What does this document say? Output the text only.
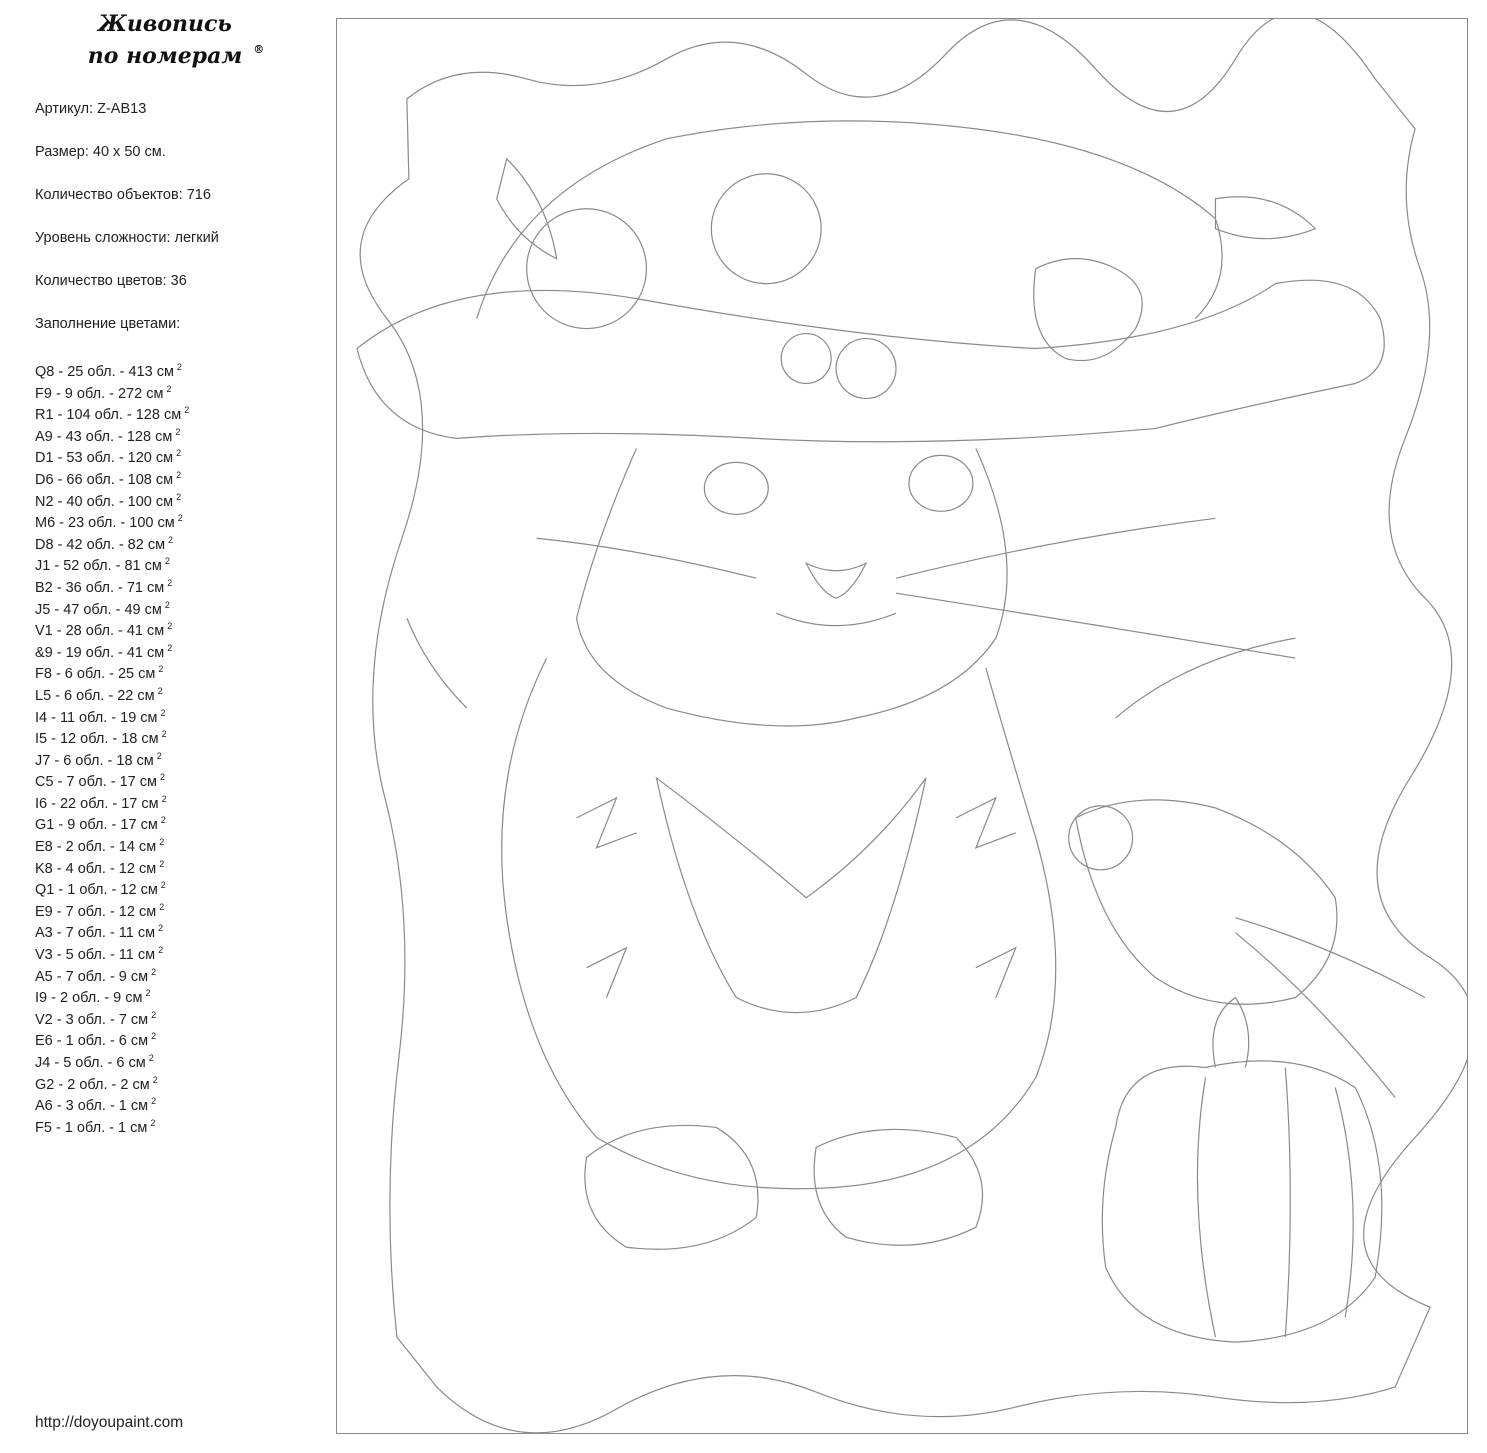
Живопись
по номерам ®
Артикул: Z-AB13
Размер: 40 х 50 см.
Количество объектов: 716
Уровень сложности: легкий
Количество цветов: 36
Заполнение цветами:
Q8 - 25 обл. - 413 см $^2$
F9 - 9 обл. - 272 см $^2$
R1 - 104 обл. - 128 см $^2$
A9 - 43 обл. - 128 см $^2$
D1 - 53 обл. - 120 см $^2$
D6 - 66 обл. - 108 см $^2$
N2 - 40 обл. - 100 см $^2$
M6 - 23 обл. - 100 см $^2$
D8 - 42 обл. - 82 см $^2$
J1 - 52 обл. - 81 см $^2$
B2 - 36 обл. - 71 см $^2$
J5 - 47 обл. - 49 см $^2$
V1 - 28 обл. - 41 см $^2$
&9 - 19 обл. - 41 см $^2$
F8 - 6 обл. - 25 см $^2$
L5 - 6 обл. - 22 см $^2$
I4 - 11 обл. - 19 см $^2$
I5 - 12 обл. - 18 см $^2$
J7 - 6 обл. - 18 см $^2$
C5 - 7 обл. - 17 см $^2$
I6 - 22 обл. - 17 см $^2$
G1 - 9 обл. - 17 см $^2$
E8 - 2 обл. - 14 см $^2$
K8 - 4 обл. - 12 см $^2$
Q1 - 1 обл. - 12 см $^2$
E9 - 7 обл. - 12 см $^2$
A3 - 7 обл. - 11 см $^2$
V3 - 5 обл. - 11 см $^2$
A5 - 7 обл. - 9 см $^2$
I9 - 2 обл. - 9 см $^2$
V2 - 3 обл. - 7 см $^2$
E6 - 1 обл. - 6 см $^2$
J4 - 5 обл. - 6 см $^2$
G2 - 2 обл. - 2 см $^2$
A6 - 3 обл. - 1 см $^2$
F5 - 1 обл. - 1 см $^2$
http://doyoupaint.com
